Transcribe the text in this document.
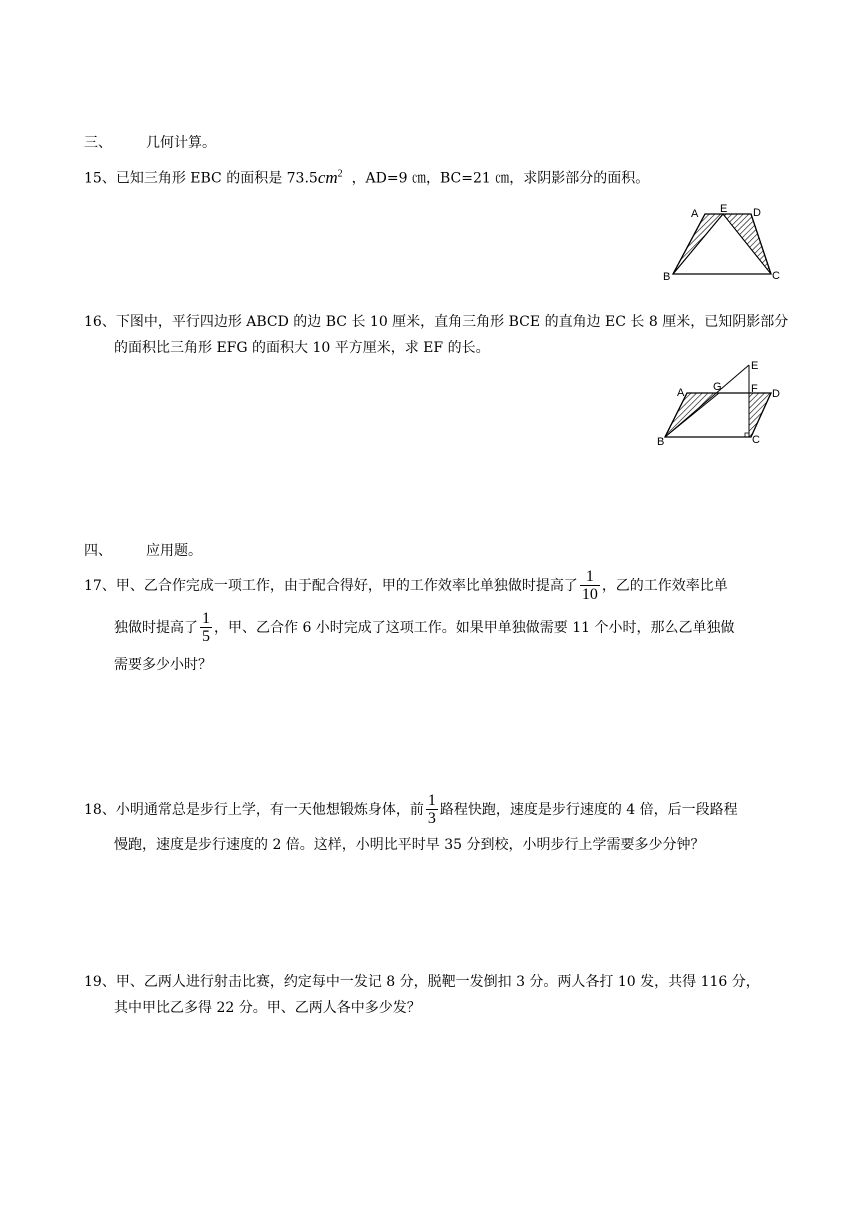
三、 几何计算。
15、已知三角形 EBC 的面积是 $73.5cm^2$ ，AD=9 ㎝，BC=21 ㎝，求阴影部分的面积。
A E D
B	C
16、下图中，平行四边形 ABCD 的边 BC 长 10 厘米，直角三角形 BCE 的直角边 EC 长 8 厘米，已知阴影部分
的面积比三角形 EFG 的面积大 10 平方厘米，求 EF 的长。
E
A	G	F D
B	C
四、 应用题。
17、甲、乙合作完成一项工作，由于配合得好，甲的工作效率比单独做时提高了 $\frac{1}{10}$ ，乙的工作效率比单
独做时提高了 $\frac{1}{5}$ ，甲、乙合作 6 小时完成了这项工作。如果甲单独做需要 11 个小时，那么乙单独做
需要多少小时？
18、小明通常总是步行上学，有一天他想锻炼身体，前 $\frac{1}{3}$ 路程快跑，速度是步行速度的 4 倍，后一段路程
慢跑，速度是步行速度的 2 倍。这样，小明比平时早 35 分到校，小明步行上学需要多少分钟？
19、甲、乙两人进行射击比赛，约定每中一发记 8 分，脱靶一发倒扣 3 分。两人各打 10 发，共得 116 分，
其中甲比乙多得 22 分。甲、乙两人各中多少发？
